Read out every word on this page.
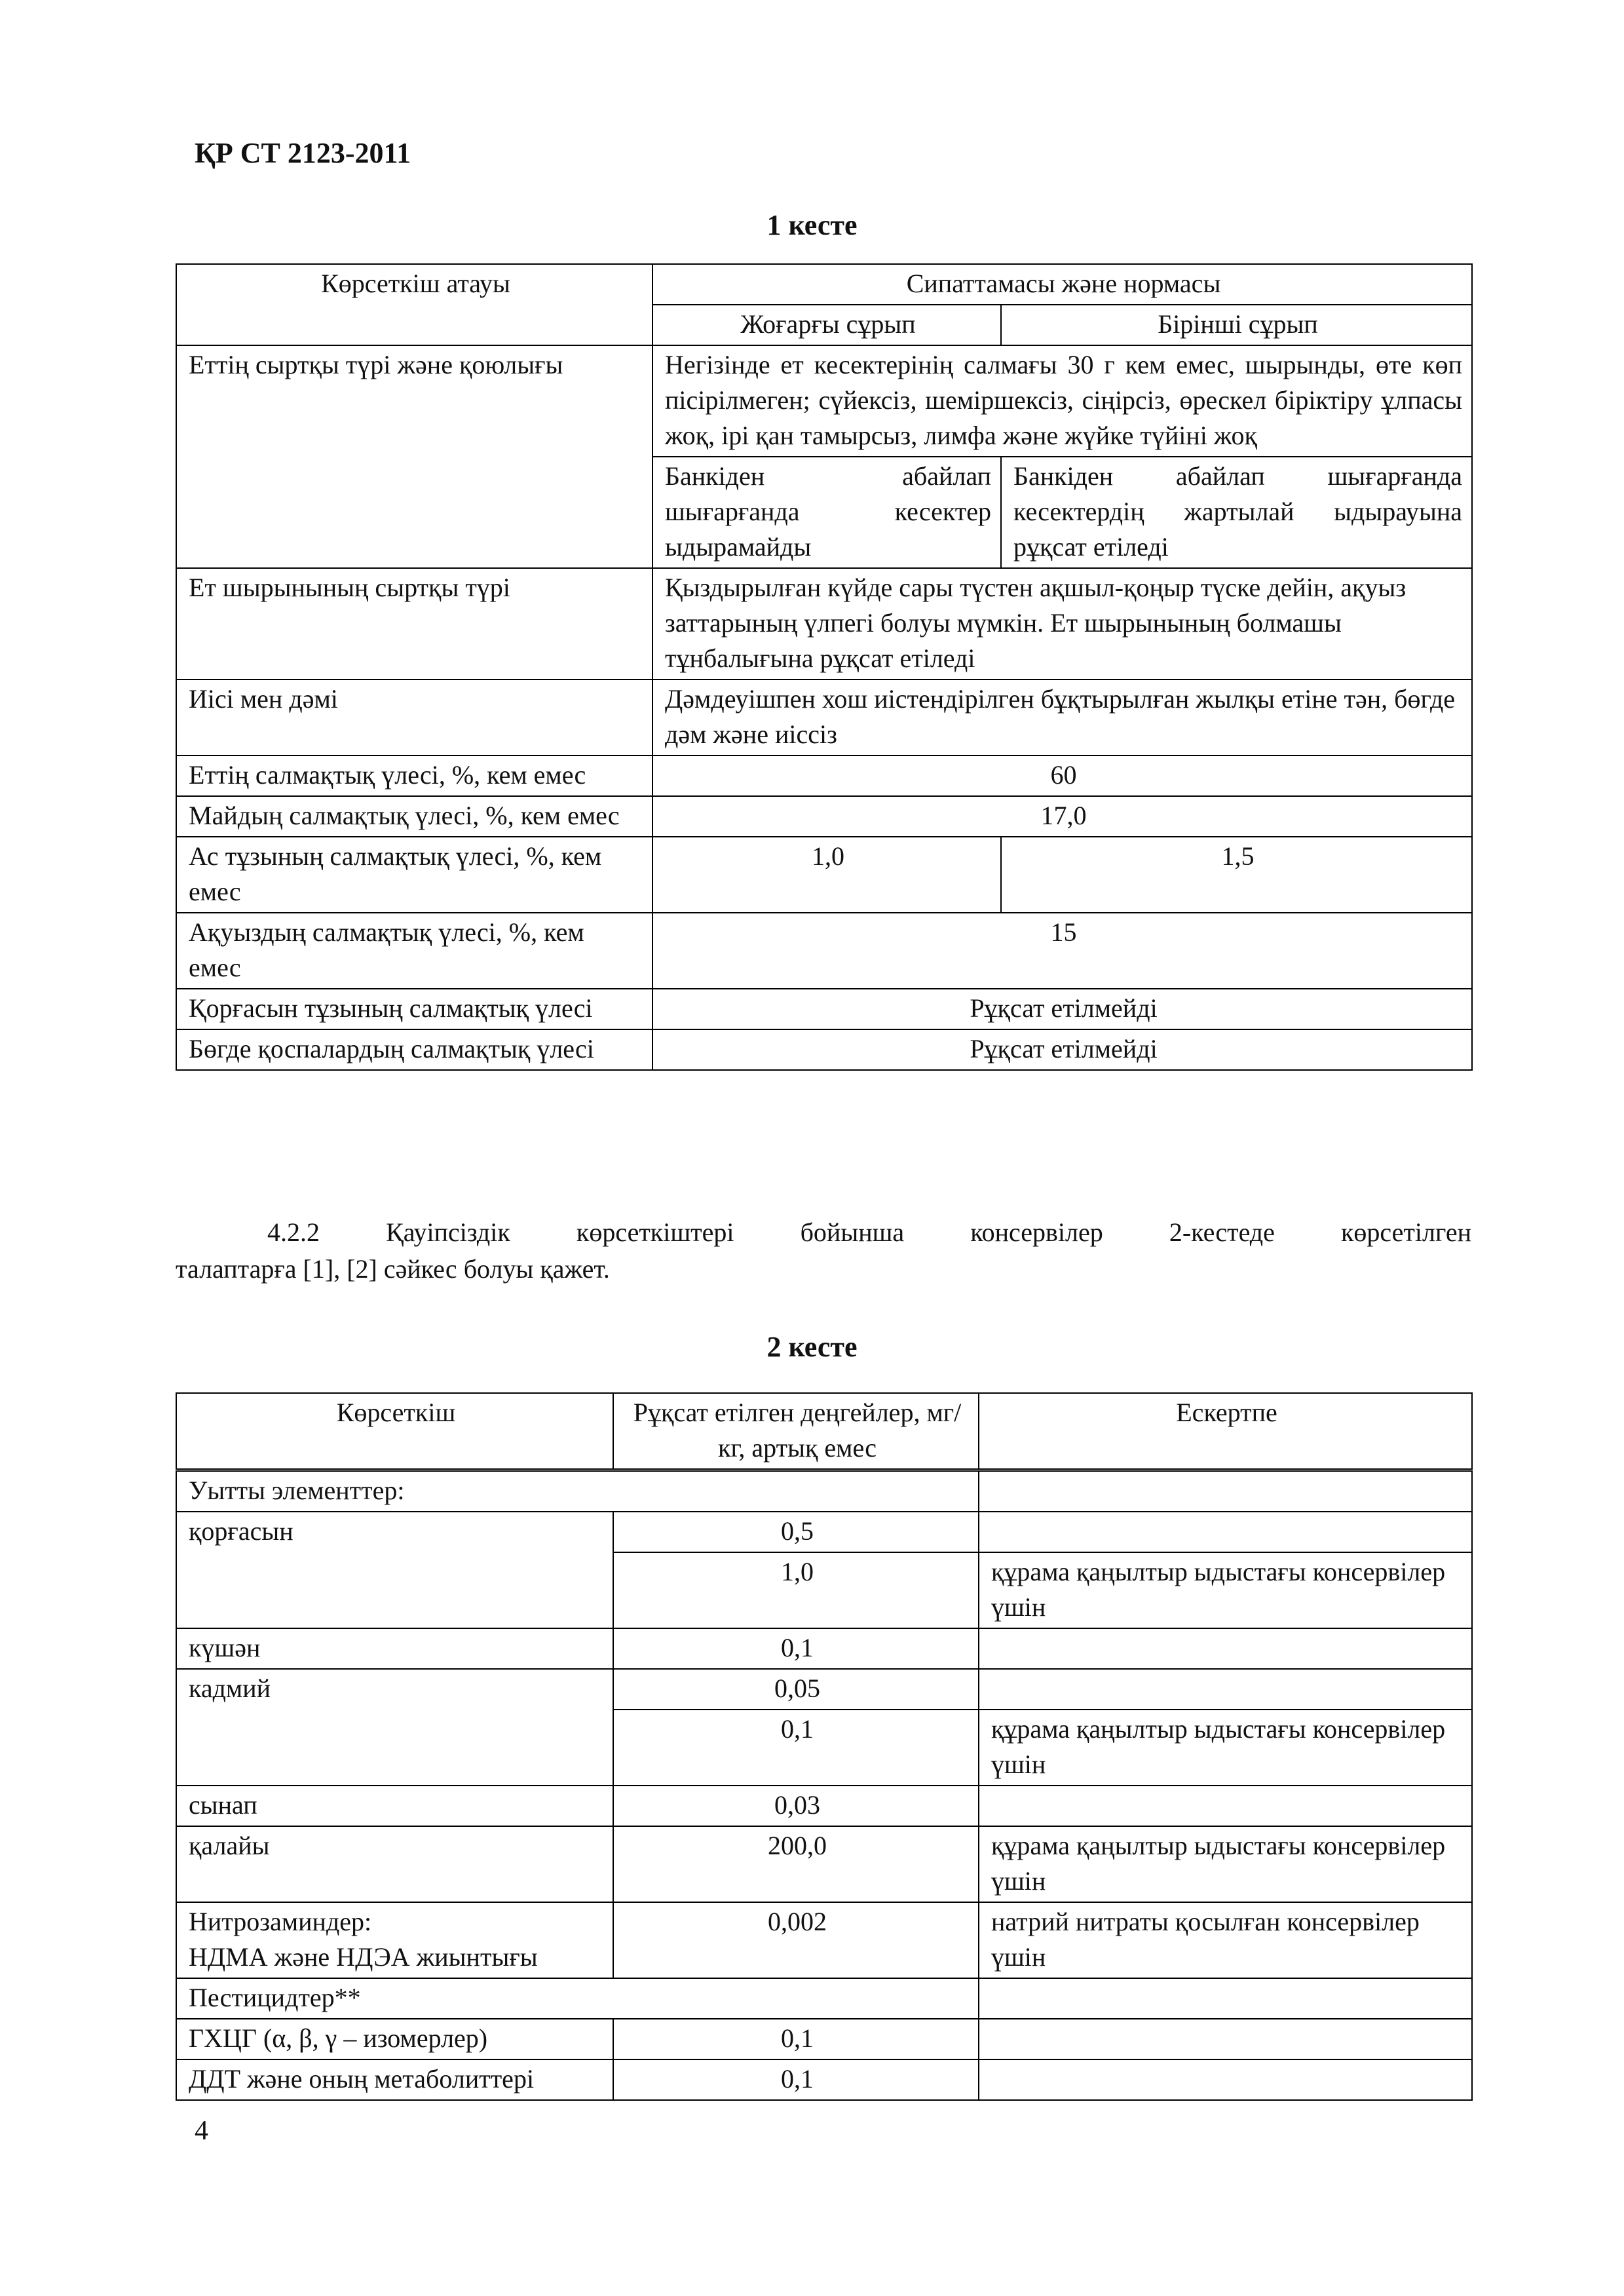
ҚР СТ 2123-2011
1 кесте
Көрсеткіш атауы	Сипаттамасы және нормасы	
	Жоғарғы сұрып	Бірінші сұрып
Еттің сыртқы түрі және қоюлығы	Негізінде ет кесектерінің салмағы 30 г кем емес, шырынды, өте көп пісірілмеген; сүйексіз, шеміршексіз, сіңірсіз, өрескел біріктіру ұлпасы жоқ, ірі қан тамырсыз, лимфа және жүйке түйіні жоқ	
	Банкіден абайлап шығарғанда кесектер ыдырамайды	Банкіден абайлап шығарғанда кесектердің жартылай ыдырауына рұқсат етіледі
Ет шырынының сыртқы түрі	Қыздырылған күйде сары түстен ақшыл-қоңыр түске дейін, ақуыз заттарының үлпегі болуы мүмкін. Ет шырынының болмашы тұнбалығына рұқсат етіледі	
Иісі мен дәмі	Дәмдеуішпен хош иістендірілген бұқтырылған жылқы етіне тән, бөгде дәм және иіссіз	
Еттің салмақтық үлесі, %, кем емес	60	
Майдың салмақтық үлесі, %, кем емес	17,0	
Ас тұзының салмақтық үлесі, %, кем емес	1,0	1,5
Ақуыздың салмақтық үлесі, %, кем емес	15	
Қорғасын тұзының салмақтық үлесі	Рұқсат етілмейді	
Бөгде қоспалардың салмақтық үлесі	Рұқсат етілмейді	
4.2.2 Қауіпсіздік көрсеткіштері бойынша консервілер 2-кестеде көрсетілген
талаптарға [1], [2] сәйкес болуы қажет.
2 кесте
Көрсеткіш	Рұқсат етілген деңгейлер, мг/кг, артық емес	Ескертпе
Уытты элементтер:		
қорғасын	0,5	
	1,0	құрама қаңылтыр ыдыстағы консервілер үшін
күшән	0,1	
кадмий	0,05	
	0,1	құрама қаңылтыр ыдыстағы консервілер үшін
сынап	0,03	
қалайы	200,0	құрама қаңылтыр ыдыстағы консервілер үшін
Нитрозаминдер:
НДМА және НДЭА жиынтығы	0,002	натрий нитраты қосылған консервілер үшін
Пестицидтер**		
ГХЦГ (α, β, γ – изомерлер)	0,1	
ДДТ және оның метаболиттері	0,1	
4
